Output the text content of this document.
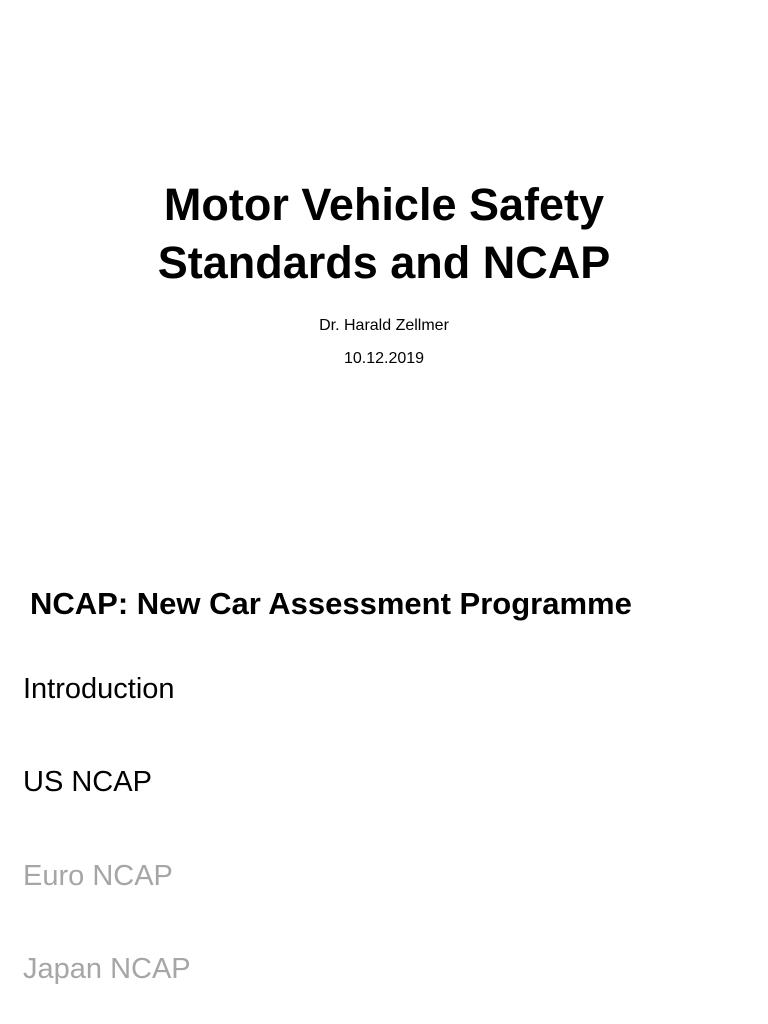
Motor Vehicle Safety
Standards and NCAP
Dr. Harald Zellmer
10.12.2019
NCAP: New Car Assessment Programme
Introduction
US NCAP
Euro NCAP
Japan NCAP
